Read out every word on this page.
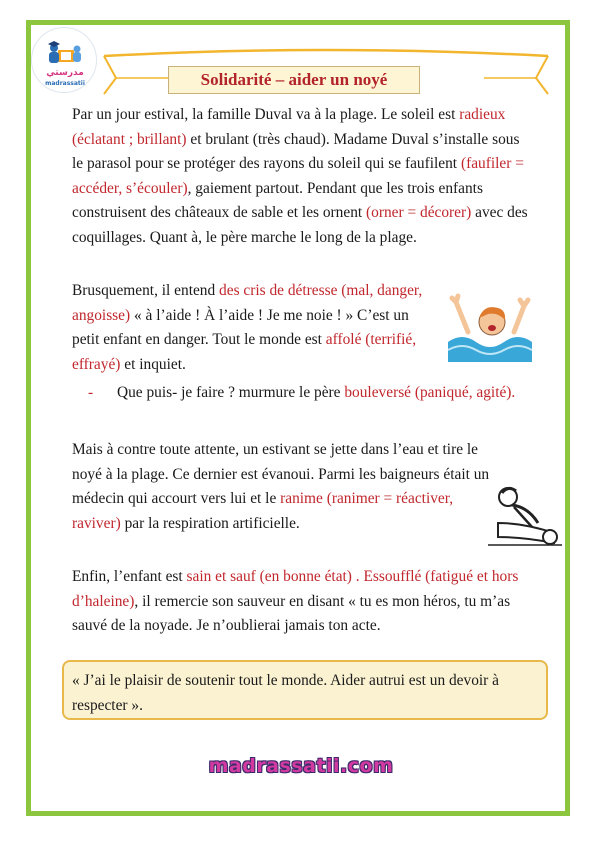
مدرستي
madrassatii	Solidarité – aider un noyé
Par un jour estival, la famille Duval va à la plage. Le soleil est radieux (éclatant ; brillant) et brulant (très chaud). Madame Duval s’installe sous le parasol pour se protéger des rayons du soleil qui se faufilent (faufiler = accéder, s’écouler), gaiement partout. Pendant que les trois enfants construisent des châteaux de sable et les ornent (orner = décorer) avec des coquillages. Quant à, le père marche le long de la plage.
Brusquement, il entend des cris de détresse (mal, danger, angoisse) « à l’aide ! À l’aide ! Je me noie ! » C’est un petit enfant en danger. Tout le monde est affolé (terrifié, effrayé) et inquiet.
- Que puis- je faire ? murmure le père bouleversé (paniqué, agité).
Mais à contre toute attente, un estivant se jette dans l’eau et tire le noyé à la plage. Ce dernier est évanoui. Parmi les baigneurs était un médecin qui accourt vers lui et le ranime (ranimer = réactiver, raviver) par la respiration artificielle.
Enfin, l’enfant est sain et sauf (en bonne état) . Essoufflé (fatigué et hors d’haleine), il remercie son sauveur en disant « tu es mon héros, tu m’as sauvé de la noyade. Je n’oublierai jamais ton acte.
« J’ai le plaisir de soutenir tout le monde. Aider autrui est un devoir à respecter ».
madrassatii.com
